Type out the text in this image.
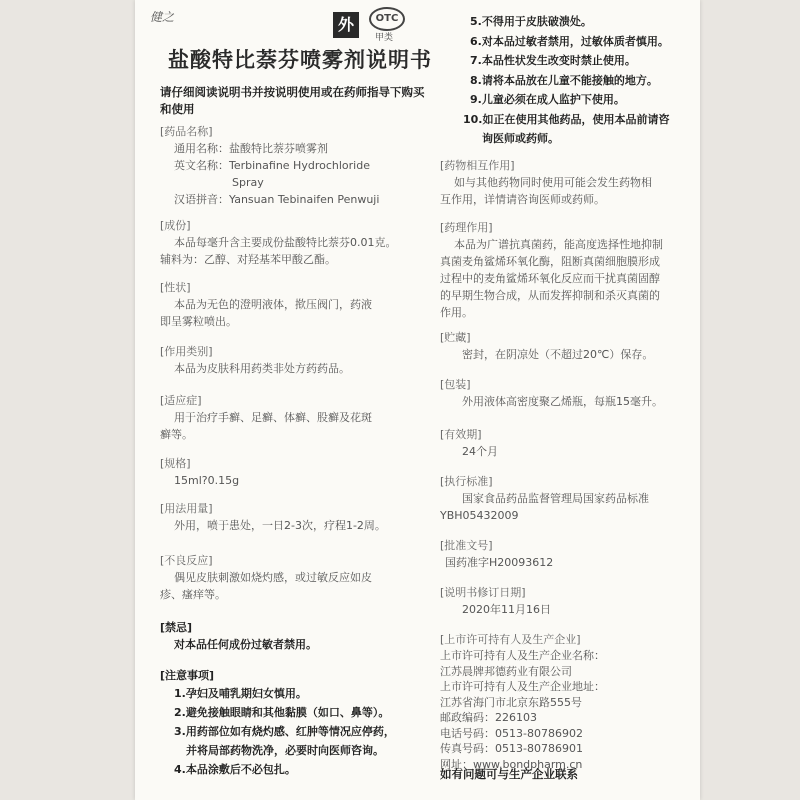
健之	外	OTC
甲类
盐酸特比萘芬喷雾剂说明书
请仔细阅读说明书并按说明使用或在药师指导下购买和使用
[药品名称]
通用名称：盐酸特比萘芬喷雾剂
英文名称：Terbinafine Hydrochloride
Spray
汉语拼音：Yansuan Tebinaifen Penwuji
[成份]
本品每毫升含主要成份盐酸特比萘芬0.01克。
辅料为：乙醇、对羟基苯甲酸乙酯。
[性状]
本品为无色的澄明液体，揿压阀门，药液
即呈雾粒喷出。
[作用类别]
本品为皮肤科用药类非处方药药品。
[适应症]
用于治疗手癣、足癣、体癣、股癣及花斑
癣等。
[规格]
15ml?0.15g
[用法用量]
外用，喷于患处，一日2-3次，疗程1-2周。
[不良反应]
偶见皮肤刺激如烧灼感，或过敏反应如皮
疹、瘙痒等。
[禁忌]
对本品任何成份过敏者禁用。
[注意事项]
1.孕妇及哺乳期妇女慎用。
2.避免接触眼睛和其他黏膜（如口、鼻等）。
3.用药部位如有烧灼感、红肿等情况应停药，
并将局部药物洗净，必要时向医师咨询。
4.本品涂敷后不必包扎。
5.不得用于皮肤破溃处。
6.对本品过敏者禁用，过敏体质者慎用。
7.本品性状发生改变时禁止使用。
8.请将本品放在儿童不能接触的地方。
9.儿童必须在成人监护下使用。
10.如正在使用其他药品，使用本品前请咨
询医师或药师。
[药物相互作用]
如与其他药物同时使用可能会发生药物相
互作用，详情请咨询医师或药师。
[药理作用]
本品为广谱抗真菌药，能高度选择性地抑制
真菌麦角鲨烯环氧化酶，阻断真菌细胞膜形成
过程中的麦角鲨烯环氧化反应而干扰真菌固醇
的早期生物合成，从而发挥抑制和杀灭真菌的
作用。
[贮藏]
密封，在阴凉处（不超过20℃）保存。
[包装]
外用液体高密度聚乙烯瓶，每瓶15毫升。
[有效期]
24个月
[执行标准]
国家食品药品监督管理局国家药品标准
YBH05432009
[批准文号]
国药准字H20093612
[说明书修订日期]
2020年11月16日
[上市许可持有人及生产企业]
上市许可持有人及生产企业名称：
江苏晨牌邦德药业有限公司
上市许可持有人及生产企业地址：
江苏省海门市北京东路555号
邮政编码：226103
电话号码：0513-80786902
传真号码：0513-80786901
网址：www.bondpharm.cn
如有问题可与生产企业联系
